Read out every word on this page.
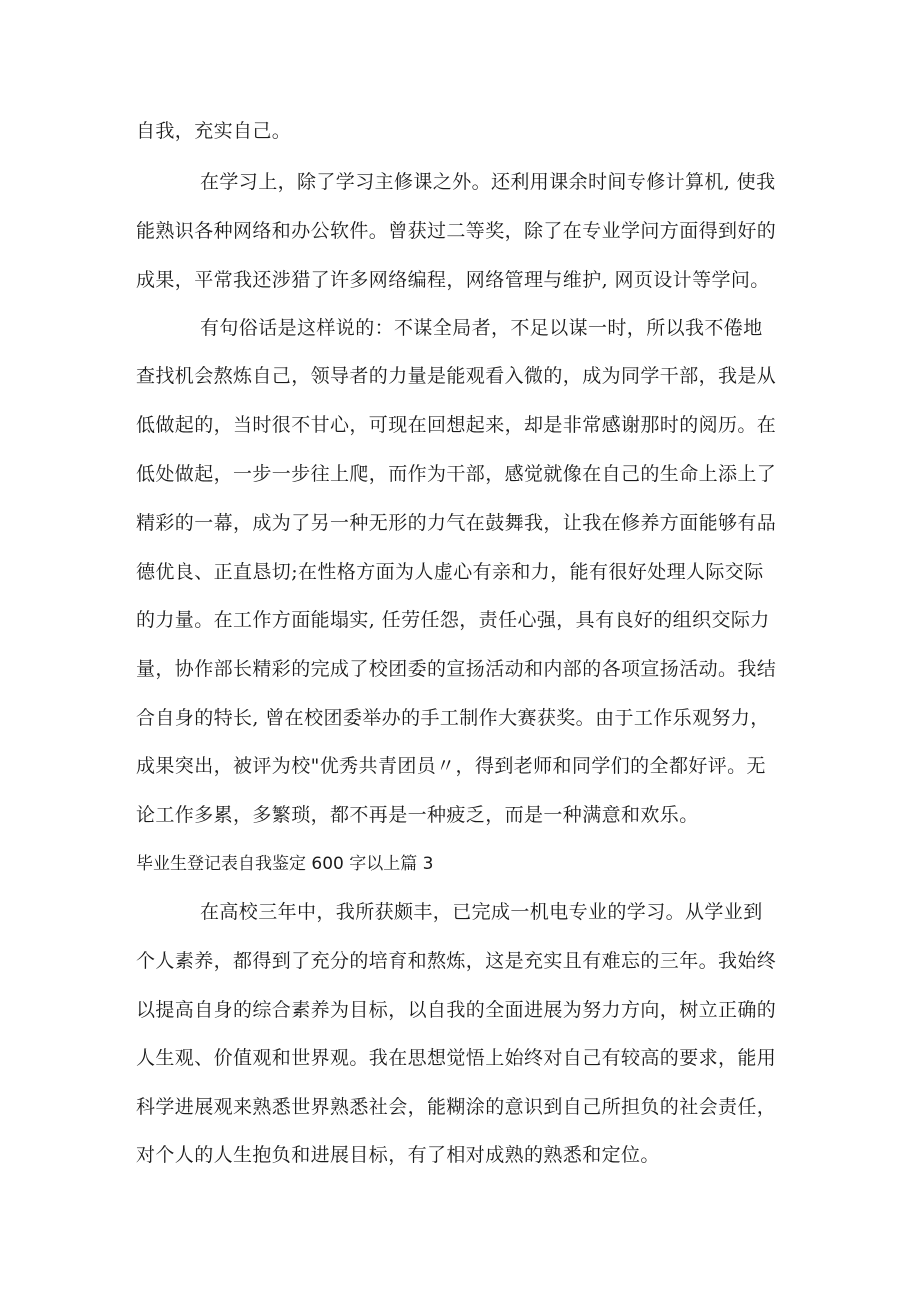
自我，充实自己。
在学习上，除了学习主修课之外。还利用课余时间专修计算机, 使我
能熟识各种网络和办公软件。曾获过二等奖，除了在专业学问方面得到好的
成果，平常我还涉猎了许多网络编程，网络管理与维护, 网页设计等学问。
有句俗话是这样说的：不谋全局者，不足以谋一时，所以我不倦地
查找机会熬炼自己，领导者的力量是能观看入微的，成为同学干部，我是从
低做起的，当时很不甘心，可现在回想起来，却是非常感谢那时的阅历。在
低处做起，一步一步往上爬，而作为干部，感觉就像在自己的生命上添上了
精彩的一幕，成为了另一种无形的力气在鼓舞我，让我在修养方面能够有品
德优良、正直恳切;在性格方面为人虚心有亲和力，能有很好处理人际交际
的力量。在工作方面能塌实, 任劳任怨，责任心强，具有良好的组织交际力
量，协作部长精彩的完成了校团委的宣扬活动和内部的各项宣扬活动。我结
合自身的特长, 曾在校团委举办的手工制作大赛获奖。由于工作乐观努力，
成果突出，被评为校"优秀共青团员〃，得到老师和同学们的全都好评。无
论工作多累，多繁琐，都不再是一种疲乏，而是一种满意和欢乐。
毕业生登记表自我鉴定 600 字以上篇 3
在高校三年中，我所获颇丰，已完成一机电专业的学习。从学业到
个人素养，都得到了充分的培育和熬炼，这是充实且有难忘的三年。我始终
以提高自身的综合素养为目标，以自我的全面进展为努力方向，树立正确的
人生观、价值观和世界观。我在思想觉悟上始终对自己有较高的要求，能用
科学进展观来熟悉世界熟悉社会，能糊涂的意识到自己所担负的社会责任，
对个人的人生抱负和进展目标，有了相对成熟的熟悉和定位。
